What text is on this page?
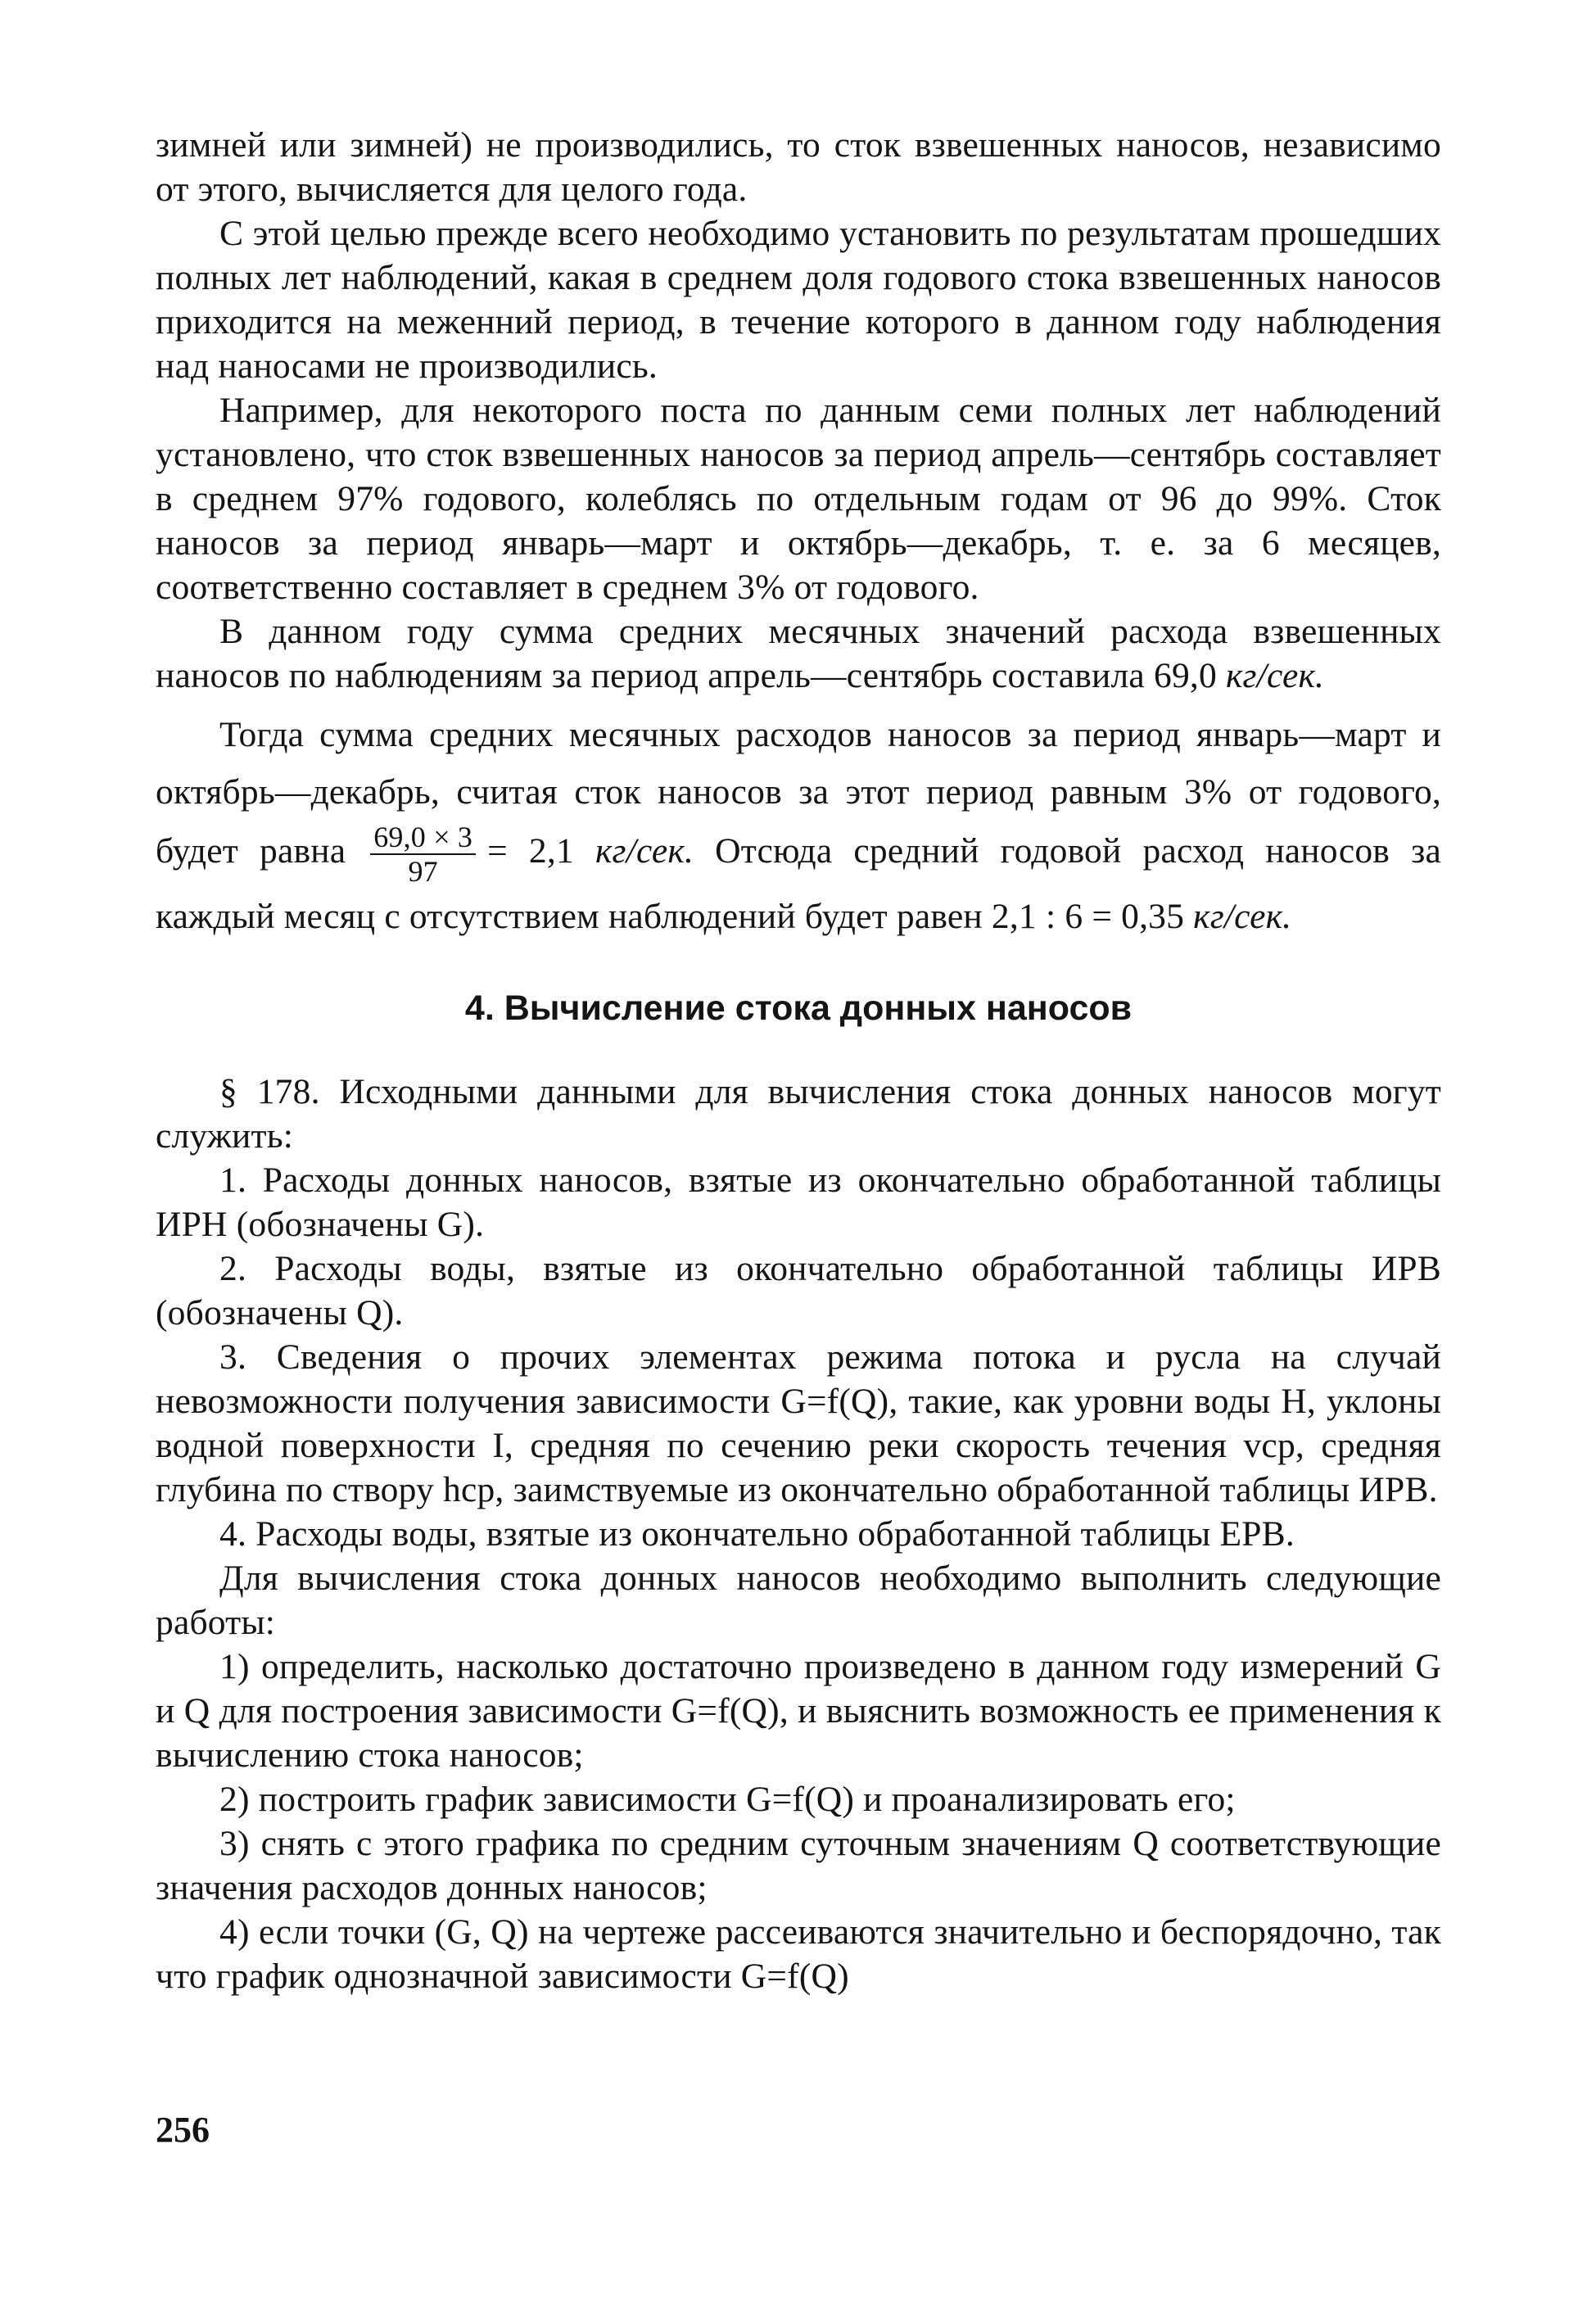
зимней или зимней) не производились, то сток взвешенных наносов, независимо от этого, вычисляется для целого года.

С этой целью прежде всего необходимо установить по результатам прошедших полных лет наблюдений, какая в среднем доля годового стока взвешенных наносов приходится на меженний период, в течение которого в данном году наблюдения над наносами не производились.

Например, для некоторого поста по данным семи полных лет наблюдений установлено, что сток взвешенных наносов за период апрель—сентябрь составляет в среднем 97% годового, колеблясь по отдельным годам от 96 до 99%. Сток наносов за период январь—март и октябрь—декабрь, т. е. за 6 месяцев, соответственно составляет в среднем 3% от годового.

В данном году сумма средних месячных значений расхода взвешенных наносов по наблюдениям за период апрель—сентябрь составила 69,0 кг/сек.

Тогда сумма средних месячных расходов наносов за период январь—март и октябрь—декабрь, считая сток наносов за этот период равным 3% от годового, будет равна $\frac{69,0 \times 3}{97} = 2,1$ кг/сек. Отсюда средний годовой расход наносов за каждый месяц с отсутствием наблюдений будет равен 2,1 : 6 = 0,35 кг/сек.

4. Вычисление стока донных наносов

§ 178. Исходными данными для вычисления стока донных наносов могут служить:

1. Расходы донных наносов, взятые из окончательно обработанной таблицы ИРН (обозначены G).

2. Расходы воды, взятые из окончательно обработанной таблицы ИРВ (обозначены Q).

3. Сведения о прочих элементах режима потока и русла на случай невозможности получения зависимости G=f(Q), такие, как уровни воды H, уклоны водной поверхности I, средняя по сечению реки скорость течения vср, средняя глубина по створу hср, заимствуемые из окончательно обработанной таблицы ИРВ.

4. Расходы воды, взятые из окончательно обработанной таблицы ЕРВ.

Для вычисления стока донных наносов необходимо выполнить следующие работы:

1) определить, насколько достаточно произведено в данном году измерений G и Q для построения зависимости G=f(Q), и выяснить возможность ее применения к вычислению стока наносов;

2) построить график зависимости G=f(Q) и проанализировать его;

3) снять с этого графика по средним суточным значениям Q соответствующие значения расходов донных наносов;

4) если точки (G, Q) на чертеже рассеиваются значительно и беспорядочно, так что график однозначной зависимости G=f(Q)

256
